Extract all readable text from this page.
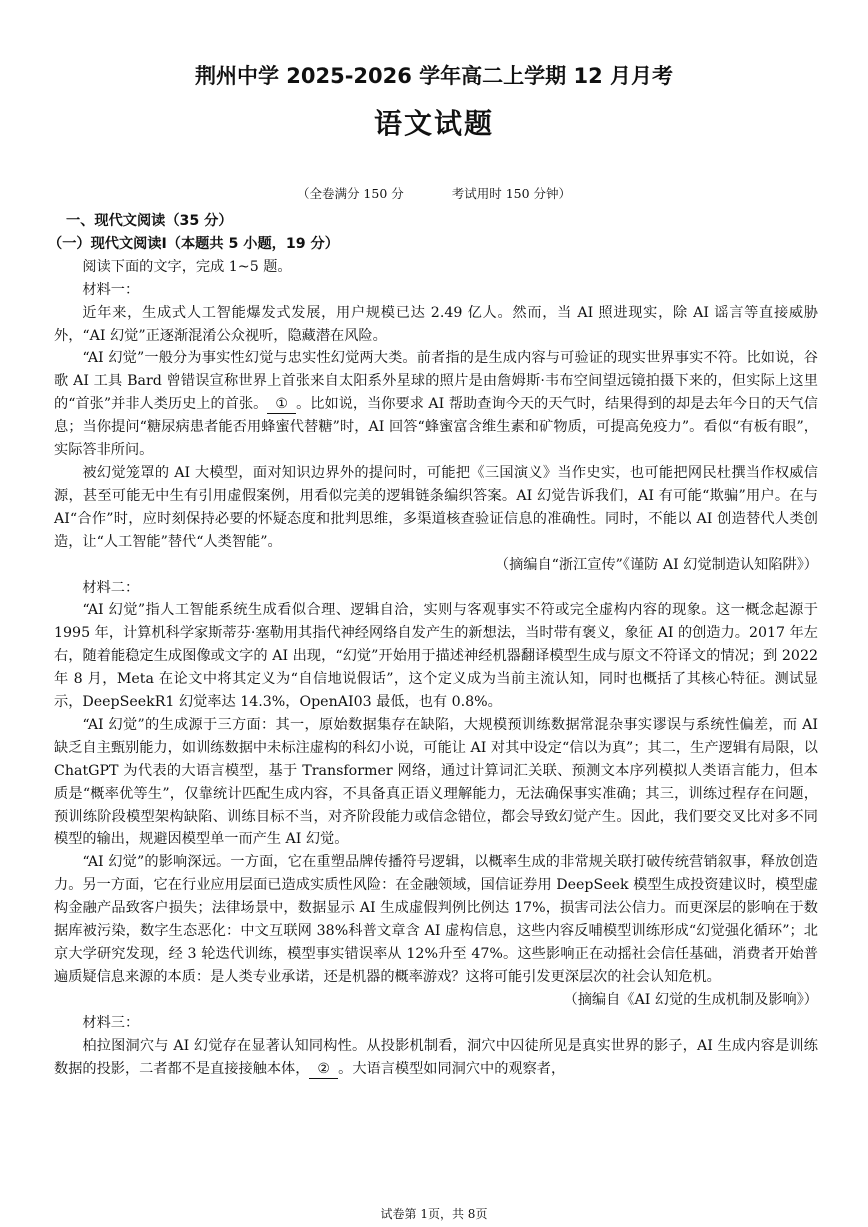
荆州中学 2025-2026 学年高二上学期 12 月月考
语文试题
（全卷满分 150 分	考试用时 150 分钟）
一、现代文阅读（35 分）

（一）现代文阅读Ⅰ（本题共 5 小题，19 分）

阅读下面的文字，完成 1~5 题。

材料一：

近年来，生成式人工智能爆发式发展，用户规模已达 2.49 亿人。然而，当 AI 照进现实，除 AI 谣言等直接威胁外，“AI 幻觉”正逐渐混淆公众视听，隐藏潜在风险。

“AI 幻觉”一般分为事实性幻觉与忠实性幻觉两大类。前者指的是生成内容与可验证的现实世界事实不符。比如说，谷歌 AI 工具 Bard 曾错误宣称世界上首张来自太阳系外星球的照片是由詹姆斯·韦布空间望远镜拍摄下来的，但实际上这里的“首张”并非人类历史上的首张。 ① 。比如说，当你要求 AI 帮助查询今天的天气时，结果得到的却是去年今日的天气信息；当你提问“糖尿病患者能否用蜂蜜代替糖”时，AI 回答“蜂蜜富含维生素和矿物质，可提高免疫力”。看似“有板有眼”，实际答非所问。

被幻觉笼罩的 AI 大模型，面对知识边界外的提问时，可能把《三国演义》当作史实，也可能把网民杜撰当作权威信源，甚至可能无中生有引用虚假案例，用看似完美的逻辑链条编织答案。AI 幻觉告诉我们，AI 有可能“欺骗”用户。在与 AI“合作”时，应时刻保持必要的怀疑态度和批判思维，多渠道核查验证信息的准确性。同时，不能以 AI 创造替代人类创造，让“人工智能”替代“人类智能”。

（摘编自“浙江宣传”《谨防 AI 幻觉制造认知陷阱》）

材料二：

“AI 幻觉”指人工智能系统生成看似合理、逻辑自洽，实则与客观事实不符或完全虚构内容的现象。这一概念起源于 1995 年，计算机科学家斯蒂芬·塞勒用其指代神经网络自发产生的新想法，当时带有褒义，象征 AI 的创造力。2017 年左右，随着能稳定生成图像或文字的 AI 出现，“幻觉”开始用于描述神经机器翻译模型生成与原文不符译文的情况；到 2022 年 8 月，Meta 在论文中将其定义为“自信地说假话”，这个定义成为当前主流认知，同时也概括了其核心特征。测试显示，DeepSeekR1 幻觉率达 14.3%，OpenAI03 最低，也有 0.8%。

“AI 幻觉”的生成源于三方面：其一，原始数据集存在缺陷，大规模预训练数据常混杂事实谬误与系统性偏差，而 AI 缺乏自主甄别能力，如训练数据中未标注虚构的科幻小说，可能让 AI 对其中设定“信以为真”；其二，生产逻辑有局限，以 ChatGPT 为代表的大语言模型，基于 Transformer 网络，通过计算词汇关联、预测文本序列模拟人类语言能力，但本质是“概率优等生”，仅靠统计匹配生成内容，不具备真正语义理解能力，无法确保事实准确；其三，训练过程存在问题，预训练阶段模型架构缺陷、训练目标不当，对齐阶段能力或信念错位，都会导致幻觉产生。因此，我们要交叉比对多不同模型的输出，规避因模型单一而产生 AI 幻觉。

“AI 幻觉”的影响深远。一方面，它在重塑品牌传播符号逻辑，以概率生成的非常规关联打破传统营销叙事，释放创造力。另一方面，它在行业应用层面已造成实质性风险：在金融领域，国信证券用 DeepSeek 模型生成投资建议时，模型虚构金融产品致客户损失；法律场景中，数据显示 AI 生成虚假判例比例达 17%，损害司法公信力。而更深层的影响在于数据库被污染，数字生态恶化：中文互联网 38%科普文章含 AI 虚构信息，这些内容反哺模型训练形成“幻觉强化循环”；北京大学研究发现，经 3 轮迭代训练，模型事实错误率从 12%升至 47%。这些影响正在动摇社会信任基础，消费者开始普遍质疑信息来源的本质：是人类专业承诺，还是机器的概率游戏？这将可能引发更深层次的社会认知危机。

（摘编自《AI 幻觉的生成机制及影响》）

材料三：

柏拉图洞穴与 AI 幻觉存在显著认知同构性。从投影机制看，洞穴中囚徒所见是真实世界的影子，AI 生成内容是训练数据的投影，二者都不是直接接触本体， ② 。大语言模型如同洞穴中的观察者，

试卷第 1页，共 8页
